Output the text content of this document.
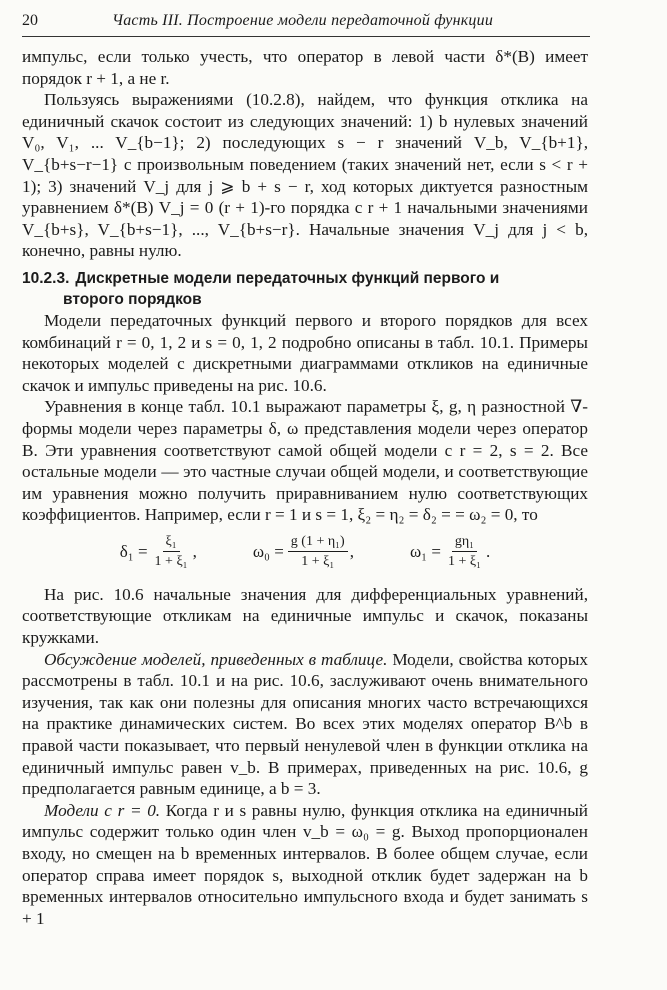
20	Часть III. Построение модели передаточной функции

импульс, если только учесть, что оператор в левой части δ*(B) имеет порядок r + 1, а не r.

Пользуясь выражениями (10.2.8), найдем, что функция отклика на единичный скачок состоит из следующих значений: 1) b нулевых значений V₀, V₁, ... V_{b−1}; 2) последующих s − r значений V_b, V_{b+1}, V_{b+s−r−1} с произвольным поведением (таких значений нет, если s < r + 1); 3) значений V_j для j ⩾ b + s − r, ход которых диктуется разностным уравнением δ*(B) V_j = 0 (r + 1)-го порядка с r + 1 начальными значениями V_{b+s}, V_{b+s−1}, ..., V_{b+s−r}. Начальные значения V_j для j < b, конечно, равны нулю.

10.2.3. Дискретные модели передаточных функций первого и
второго порядков

Модели передаточных функций первого и второго порядков для всех комбинаций r = 0, 1, 2 и s = 0, 1, 2 подробно описаны в табл. 10.1. Примеры некоторых моделей с дискретными диаграммами откликов на единичные скачок и импульс приведены на рис. 10.6.

Уравнения в конце табл. 10.1 выражают параметры ξ, g, η разностной ∇-формы модели через параметры δ, ω представления модели через оператор B. Эти уравнения соответствуют самой общей модели с r = 2, s = 2. Все остальные модели — это частные случаи общей модели, и соответствующие им уравнения можно получить приравниванием нулю соответствующих коэффициентов. Например, если r = 1 и s = 1, ξ₂ = η₂ = δ₂ = = ω₂ = 0, то

$\delta_1 = \frac{\text{ξ₁}}{\text{1 + ξ₁}}$ ,	$\omega_0 = \frac{\text{g (1 + η₁)}}{\text{1 + ξ₁}}$ ,	$\omega_1 = \frac{\text{gη₁}}{\text{1 + ξ₁}}$ .

На рис. 10.6 начальные значения для дифференциальных уравнений, соответствующие откликам на единичные импульс и скачок, показаны кружками.

Обсуждение моделей, приведенных в таблице. Модели, свойства которых рассмотрены в табл. 10.1 и на рис. 10.6, заслуживают очень внимательного изучения, так как они полезны для описания многих часто встречающихся на практике динамических систем. Во всех этих моделях оператор B^b в правой части показывает, что первый ненулевой член в функции отклика на единичный импульс равен v_b. В примерах, приведенных на рис. 10.6, g предполагается равным единице, а b = 3.

Модели с r = 0. Когда r и s равны нулю, функция отклика на единичный импульс содержит только один член v_b = ω₀ = g. Выход пропорционален входу, но смещен на b временных интервалов. В более общем случае, если оператор справа имеет порядок s, выходной отклик будет задержан на b временных интервалов относительно импульсного входа и будет занимать s + 1
